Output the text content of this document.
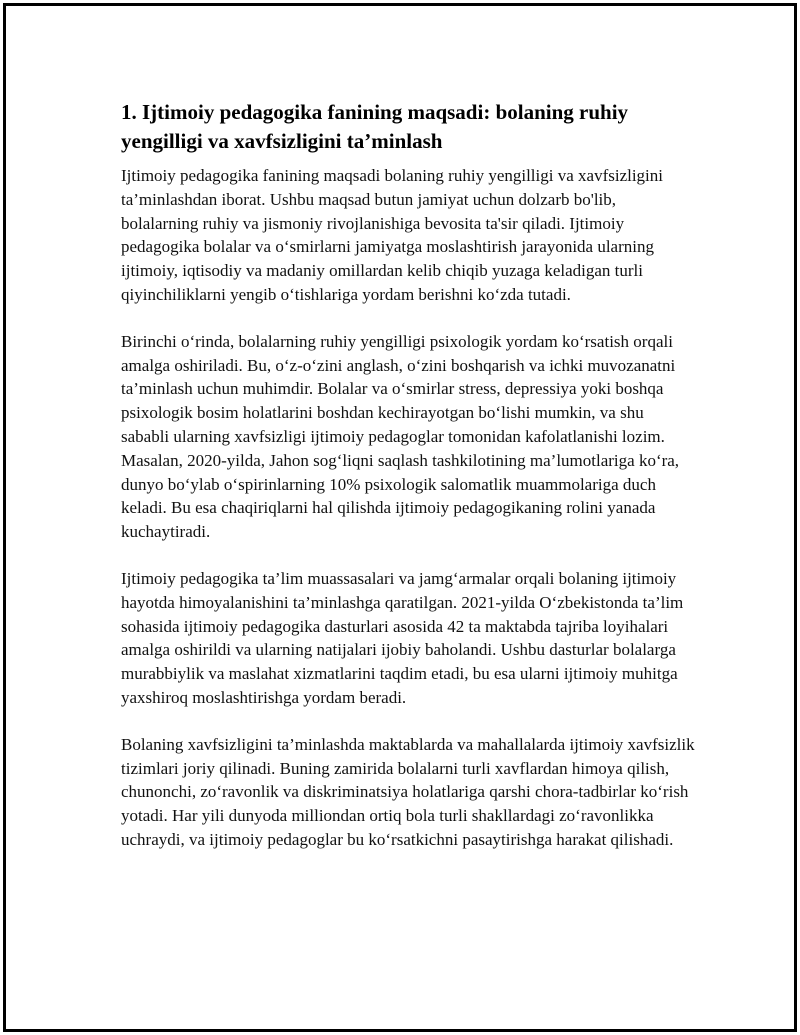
1. Ijtimoiy pedagogika fanining maqsadi: bolaning ruhiy yengilligi va xavfsizligini ta’minlash

Ijtimoiy pedagogika fanining maqsadi bolaning ruhiy yengilligi va xavfsizligini ta’minlashdan iborat. Ushbu maqsad butun jamiyat uchun dolzarb bo'lib, bolalarning ruhiy va jismoniy rivojlanishiga bevosita ta'sir qiladi. Ijtimoiy pedagogika bolalar va o‘smirlarni jamiyatga moslashtirish jarayonida ularning ijtimoiy, iqtisodiy va madaniy omillardan kelib chiqib yuzaga keladigan turli qiyinchiliklarni yengib o‘tishlariga yordam berishni ko‘zda tutadi.

Birinchi o‘rinda, bolalarning ruhiy yengilligi psixologik yordam ko‘rsatish orqali amalga oshiriladi. Bu, o‘z-o‘zini anglash, o‘zini boshqarish va ichki muvozanatni ta’minlash uchun muhimdir. Bolalar va o‘smirlar stress, depressiya yoki boshqa psixologik bosim holatlarini boshdan kechirayotgan bo‘lishi mumkin, va shu sababli ularning xavfsizligi ijtimoiy pedagoglar tomonidan kafolatlanishi lozim. Masalan, 2020-yilda, Jahon sog‘liqni saqlash tashkilotining ma’lumotlariga ko‘ra, dunyo bo‘ylab o‘spirinlarning 10% psixologik salomatlik muammolariga duch keladi. Bu esa chaqiriqlarni hal qilishda ijtimoiy pedagogikaning rolini yanada kuchaytiradi.

Ijtimoiy pedagogika ta’lim muassasalari va jamg‘armalar orqali bolaning ijtimoiy hayotda himoyalanishini ta’minlashga qaratilgan. 2021-yilda O‘zbekistonda ta’lim sohasida ijtimoiy pedagogika dasturlari asosida 42 ta maktabda tajriba loyihalari amalga oshirildi va ularning natijalari ijobiy baholandi. Ushbu dasturlar bolalarga murabbiylik va maslahat xizmatlarini taqdim etadi, bu esa ularni ijtimoiy muhitga yaxshiroq moslashtirishga yordam beradi.

Bolaning xavfsizligini ta’minlashda maktablarda va mahallalarda ijtimoiy xavfsizlik tizimlari joriy qilinadi. Buning zamirida bolalarni turli xavflardan himoya qilish, chunonchi, zo‘ravonlik va diskriminatsiya holatlariga qarshi chora-tadbirlar ko‘rish yotadi. Har yili dunyoda milliondan ortiq bola turli shakllardagi zo‘ravonlikka uchraydi, va ijtimoiy pedagoglar bu ko‘rsatkichni pasaytirishga harakat qilishadi.
